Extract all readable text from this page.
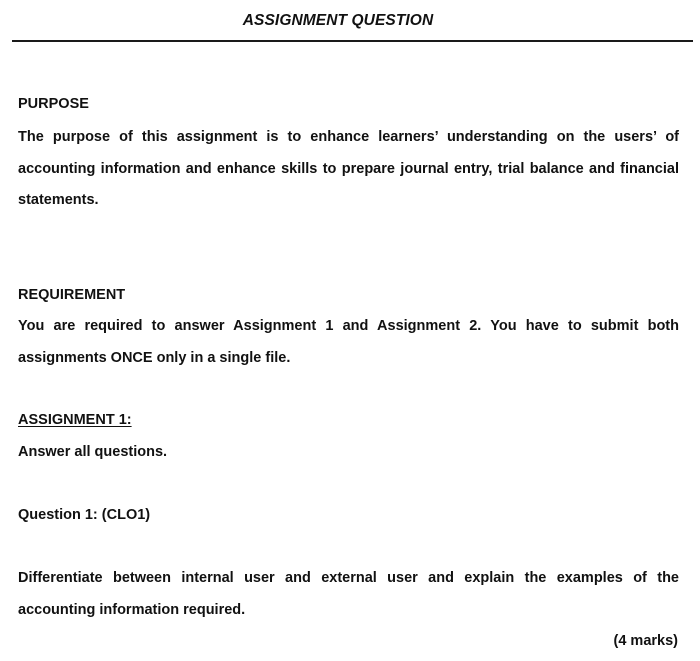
ASSIGNMENT QUESTION
PURPOSE

The purpose of this assignment is to enhance learners’ understanding on the users’ of accounting information and enhance skills to prepare journal entry, trial balance and financial statements.

REQUIREMENT

You are required to answer Assignment 1 and Assignment 2. You have to submit both assignments ONCE only in a single file.

ASSIGNMENT 1:
Answer all questions.
Question 1: (CLO1)

Differentiate between internal user and external user and explain the examples of the accounting information required.

(4 marks)
